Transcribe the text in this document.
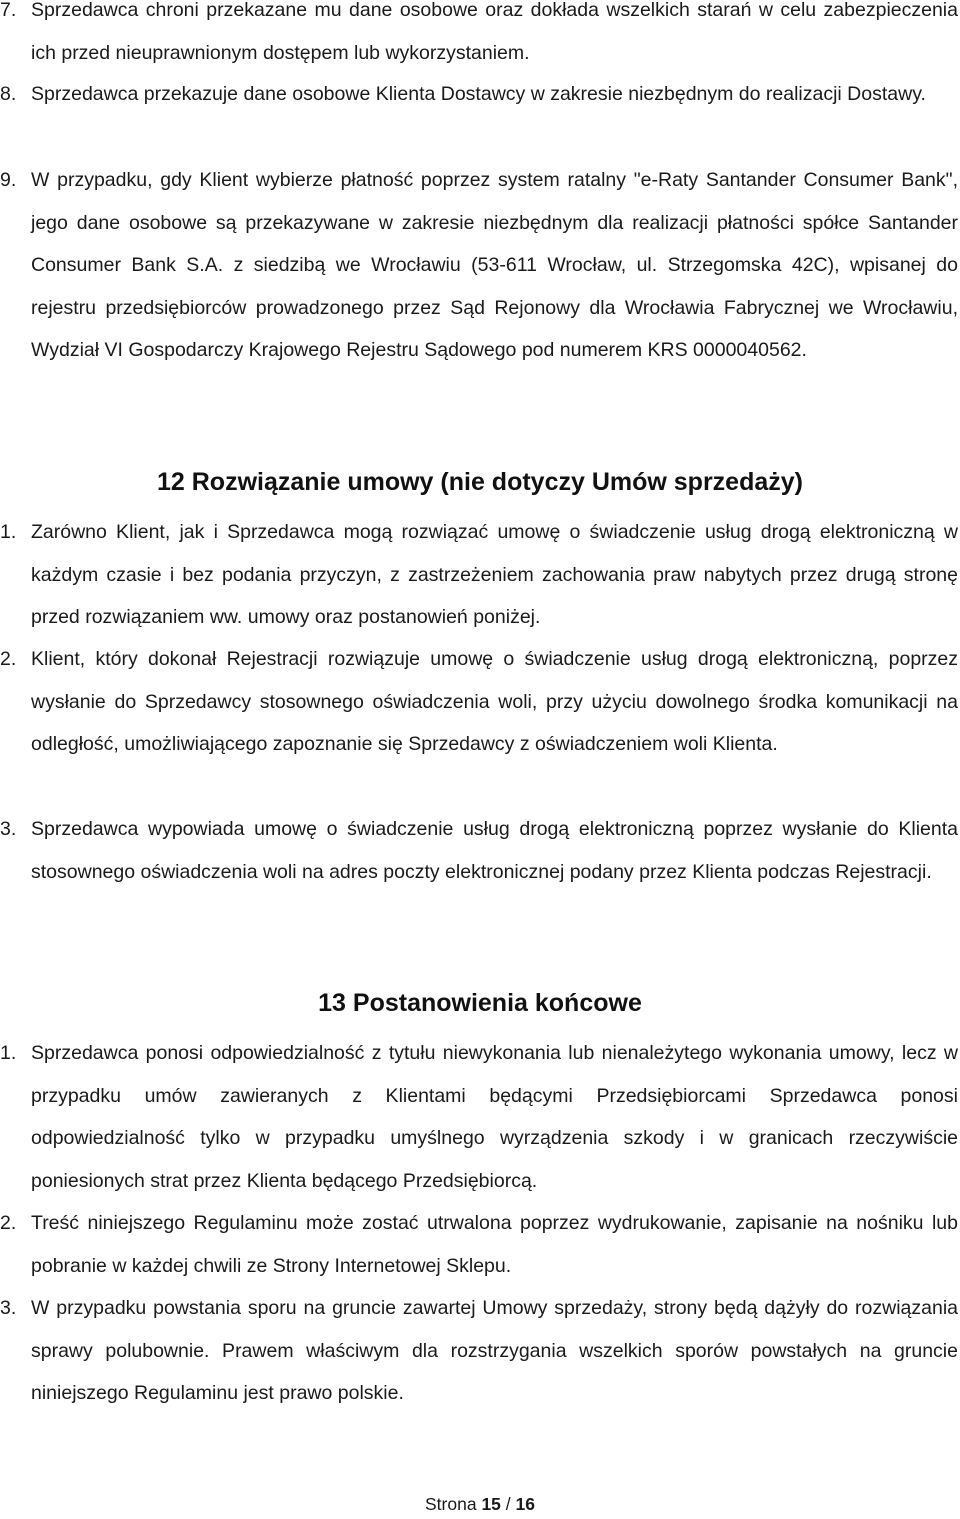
7. Sprzedawca chroni przekazane mu dane osobowe oraz dokłada wszelkich starań w celu zabezpieczenia ich przed nieuprawnionym dostępem lub wykorzystaniem.
8. Sprzedawca przekazuje dane osobowe Klienta Dostawcy w zakresie niezbędnym do realizacji Dostawy.
9. W przypadku, gdy Klient wybierze płatność poprzez system ratalny "e-Raty Santander Consumer Bank", jego dane osobowe są przekazywane w zakresie niezbędnym dla realizacji płatności spółce Santander Consumer Bank S.A. z siedzibą we Wrocławiu (53-611 Wrocław, ul. Strzegomska 42C), wpisanej do rejestru przedsiębiorców prowadzonego przez Sąd Rejonowy dla Wrocławia Fabrycznej we Wrocławiu, Wydział VI Gospodarczy Krajowego Rejestru Sądowego pod numerem KRS 0000040562.
12 Rozwiązanie umowy (nie dotyczy Umów sprzedaży)
1. Zarówno Klient, jak i Sprzedawca mogą rozwiązać umowę o świadczenie usług drogą elektroniczną w każdym czasie i bez podania przyczyn, z zastrzeżeniem zachowania praw nabytych przez drugą stronę przed rozwiązaniem ww. umowy oraz postanowień poniżej.
2. Klient, który dokonał Rejestracji rozwiązuje umowę o świadczenie usług drogą elektroniczną, poprzez wysłanie do Sprzedawcy stosownego oświadczenia woli, przy użyciu dowolnego środka komunikacji na odległość, umożliwiającego zapoznanie się Sprzedawcy z oświadczeniem woli Klienta.
3. Sprzedawca wypowiada umowę o świadczenie usług drogą elektroniczną poprzez wysłanie do Klienta stosownego oświadczenia woli na adres poczty elektronicznej podany przez Klienta podczas Rejestracji.
13 Postanowienia końcowe
1. Sprzedawca ponosi odpowiedzialność z tytułu niewykonania lub nienależytego wykonania umowy, lecz w przypadku umów zawieranych z Klientami będącymi Przedsiębiorcami Sprzedawca ponosi odpowiedzialność tylko w przypadku umyślnego wyrządzenia szkody i w granicach rzeczywiście poniesionych strat przez Klienta będącego Przedsiębiorcą.
2. Treść niniejszego Regulaminu może zostać utrwalona poprzez wydrukowanie, zapisanie na nośniku lub pobranie w każdej chwili ze Strony Internetowej Sklepu.
3. W przypadku powstania sporu na gruncie zawartej Umowy sprzedaży, strony będą dążyły do rozwiązania sprawy polubownie. Prawem właściwym dla rozstrzygania wszelkich sporów powstałych na gruncie niniejszego Regulaminu jest prawo polskie.
Strona 15 / 16
